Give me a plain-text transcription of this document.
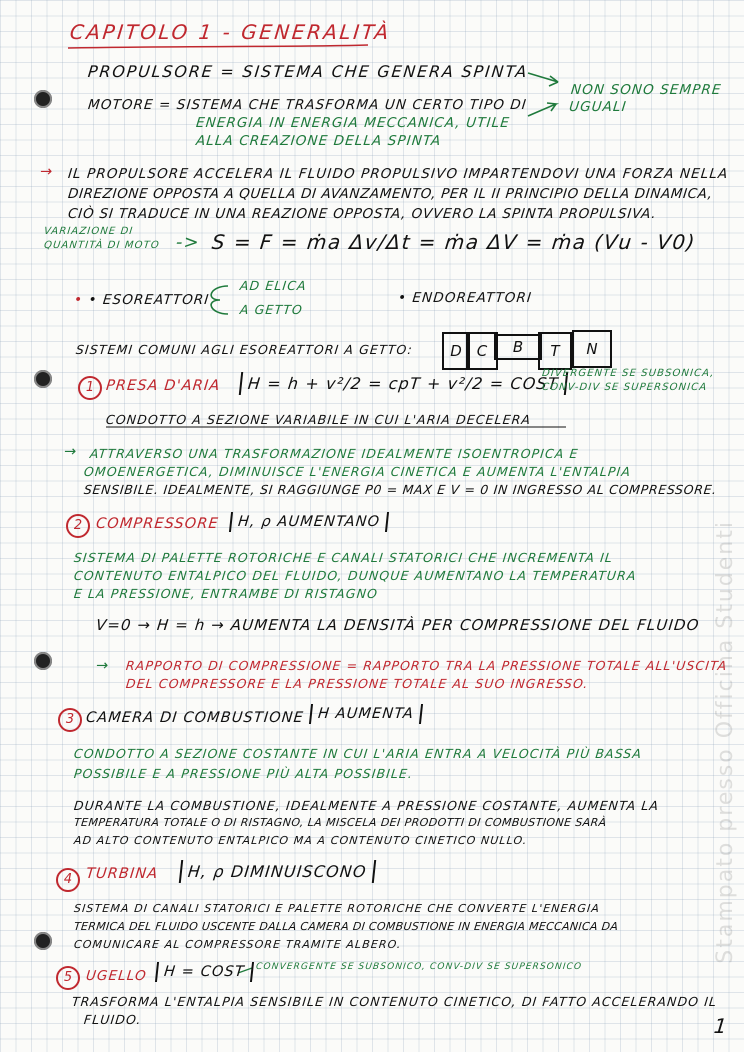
Stampato presso Officina Studenti
CAPITOLO 1 - GENERALITÀ
PROPULSORE = SISTEMA CHE GENERA SPINTA
NON SONO SEMPRE UGUALI
MOTORE = SISTEMA CHE TRASFORMA UN CERTO TIPO DI
ENERGIA IN ENERGIA MECCANICA, UTILE
ALLA CREAZIONE DELLA SPINTA
→ IL PROPULSORE ACCELERA IL FLUIDO PROPULSIVO IMPARTENDOVI UNA FORZA NELLA
DIREZIONE OPPOSTA A QUELLA DI AVANZAMENTO, PER IL II PRINCIPIO DELLA DINAMICA,
CIÒ SI TRADUCE IN UNA REAZIONE OPPOSTA, OVVERO LA SPINTA PROPULSIVA.
VARIAZIONE DI
QUANTITÀ DI MOTO -> S = F = ṁa Δv/Δt = ṁa ΔV = ṁa (Vu - V0)
• • ESOREATTORI
AD ELICA
A GETTO
• ENDOREATTORI
SISTEMI COMUNI AGLI ESOREATTORI A GETTO:	D C	B	T	N
1 PRESA D'ARIA	H = h + v²/2 = cpT + v²/2 = COST
DIVERGENTE SE SUBSONICA,
CONV-DIV SE SUPERSONICA
CONDOTTO A SEZIONE VARIABILE IN CUI L'ARIA DECELERA
→ ATTRAVERSO UNA TRASFORMAZIONE IDEALMENTE ISOENTROPICA E
OMOENERGETICA, DIMINUISCE L'ENERGIA CINETICA E AUMENTA L'ENTALPIA
SENSIBILE. IDEALMENTE, SI RAGGIUNGE P0 = MAX E V = 0 IN INGRESSO AL COMPRESSORE.
2 COMPRESSORE	H, ρ AUMENTANO
SISTEMA DI PALETTE ROTORICHE E CANALI STATORICI CHE INCREMENTA IL
CONTENUTO ENTALPICO DEL FLUIDO, DUNQUE AUMENTANO LA TEMPERATURA
E LA PRESSIONE, ENTRAMBE DI RISTAGNO
V=0 → H = h → AUMENTA LA DENSITÀ PER COMPRESSIONE DEL FLUIDO
→ RAPPORTO DI COMPRESSIONE = RAPPORTO TRA LA PRESSIONE TOTALE ALL'USCITA
DEL COMPRESSORE E LA PRESSIONE TOTALE AL SUO INGRESSO.
3 CAMERA DI COMBUSTIONE H AUMENTA
CONDOTTO A SEZIONE COSTANTE IN CUI L'ARIA ENTRA A VELOCITÀ PIÙ BASSA
POSSIBILE E A PRESSIONE PIÙ ALTA POSSIBILE.
DURANTE LA COMBUSTIONE, IDEALMENTE A PRESSIONE COSTANTE, AUMENTA LA
TEMPERATURA TOTALE O DI RISTAGNO, LA MISCELA DEI PRODOTTI DI COMBUSTIONE SARÀ
AD ALTO CONTENUTO ENTALPICO MA A CONTENUTO CINETICO NULLO.
4 TURBINA	H, ρ DIMINUISCONO
SISTEMA DI CANALI STATORICI E PALETTE ROTORICHE CHE CONVERTE L'ENERGIA
TERMICA DEL FLUIDO USCENTE DALLA CAMERA DI COMBUSTIONE IN ENERGIA MECCANICA DA
COMUNICARE AL COMPRESSORE TRAMITE ALBERO.
5 UGELLO	H = COST	CONVERGENTE SE SUBSONICO, CONV-DIV SE SUPERSONICO
TRASFORMA L'ENTALPIA SENSIBILE IN CONTENUTO CINETICO, DI FATTO ACCELERANDO IL
FLUIDO.	1
